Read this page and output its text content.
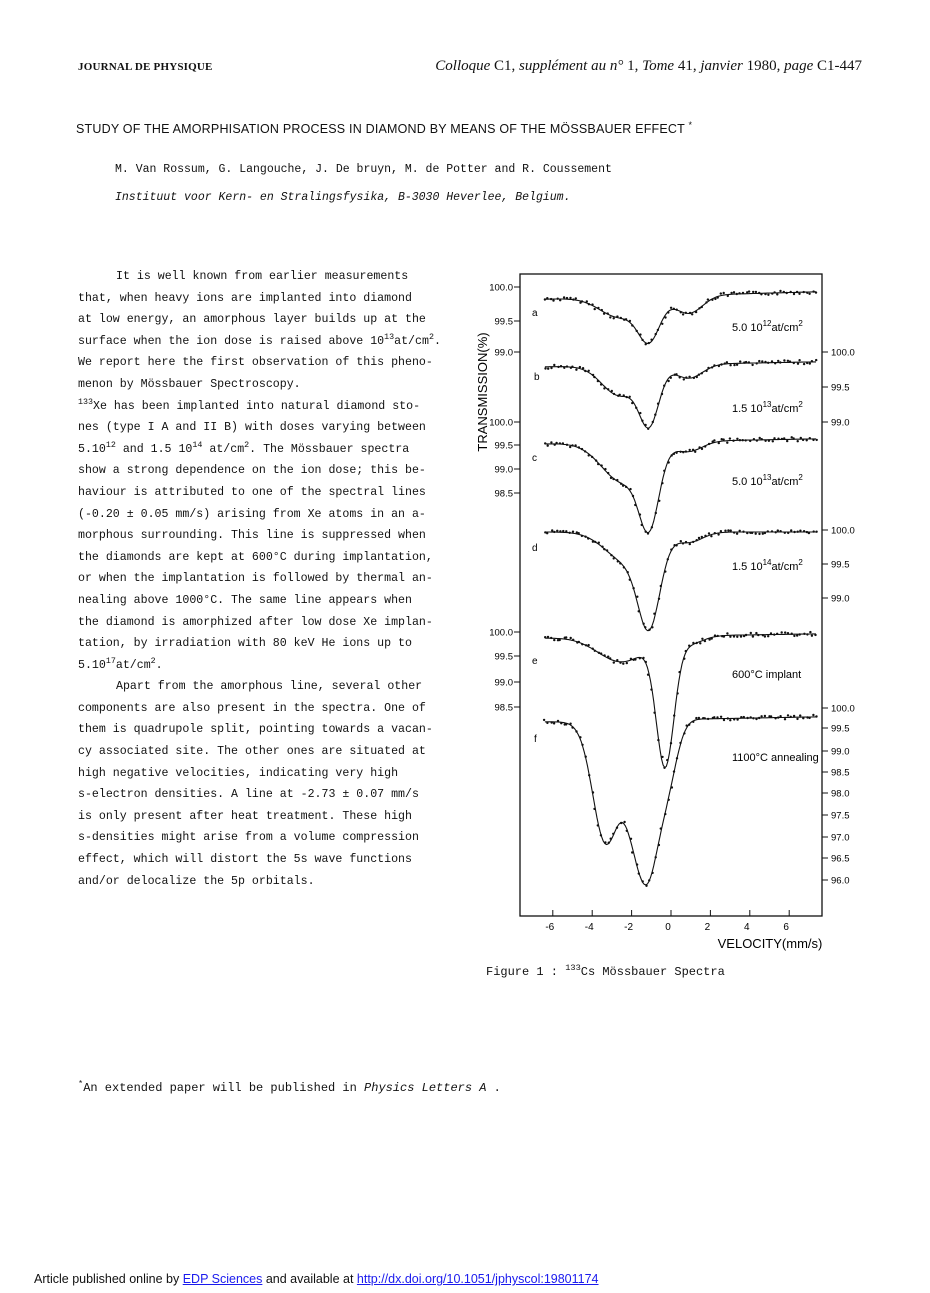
JOURNAL DE PHYSIQUE	Colloque C1, supplément au n° 1, Tome 41, janvier 1980, page C1-447
STUDY OF THE AMORPHISATION PROCESS IN DIAMOND BY MEANS OF THE MÖSSBAUER EFFECT *
M. Van Rossum, G. Langouche, J. De bruyn, M. de Potter and R. Coussement
Instituut voor Kern- en Stralingsfysika, B-3030 Heverlee, Belgium.

It is well known from earlier measurements
that, when heavy ions are implanted into diamond
at low energy, an amorphous layer builds up at the
surface when the ion dose is raised above $10^{13}at/cm^2$.
We report here the first observation of this pheno-
menon by Mössbauer Spectroscopy.
$^{133}$Xe has been implanted into natural diamond sto-
nes (type I A and II B) with doses varying between
5.10$^{12}$ and 1.5 $10^{14}$ $at/cm^2$. The Mössbauer spectra
show a strong dependence on the ion dose; this be-
haviour is attributed to one of the spectral lines
(-0.20 ± 0.05 mm/s) arising from Xe atoms in an a-
morphous surrounding. This line is suppressed when
the diamonds are kept at 600°C during implantation,
or when the implantation is followed by thermal an-
nealing above 1000°C. The same line appears when
the diamond is amorphized after low dose Xe implan-
tation, by irradiation with 80 keV He ions up to
$5.10^{17}at/cm^2$.

Apart from the amorphous line, several other
components are also present in the spectra. One of
them is quadrupole split, pointing towards a vacan-
cy associated site. The other ones are situated at
high negative velocities, indicating very high
s-electron densities. A line at -2.73 ± 0.07 mm/s
is only present after heat treatment. These high
s-densities might arise from a volume compression
effect, which will distort the 5s wave functions
and/or delocalize the 5p orbitals.

TRANSMISSION(%)
VELOCITY(mm/s)
-6	-4	-2	0	2	4	6
100.0
99.5
99.0
100.0
99.5
99.0
98.5
100.0
99.5
99.0
98.5
100.0
99.5
99.0
100.0
99.5
99.0
100.0
99.5
99.0
98.5
98.0
97.5
97.0
96.5
96.0
a
b
c
d
e
f
5.0 $10^{12}at/cm^2$
1.5 $10^{13}at/cm^2$
5.0 $10^{13}at/cm^2$
1.5 $10^{14}at/cm^2$
600°C implant
1100°C annealing
Figure 1 : $^{133}$Cs Mössbauer Spectra
*An extended paper will be published in Physics Letters A .
Article published online by EDP Sciences and available at http://dx.doi.org/10.1051/jphyscol:19801174
